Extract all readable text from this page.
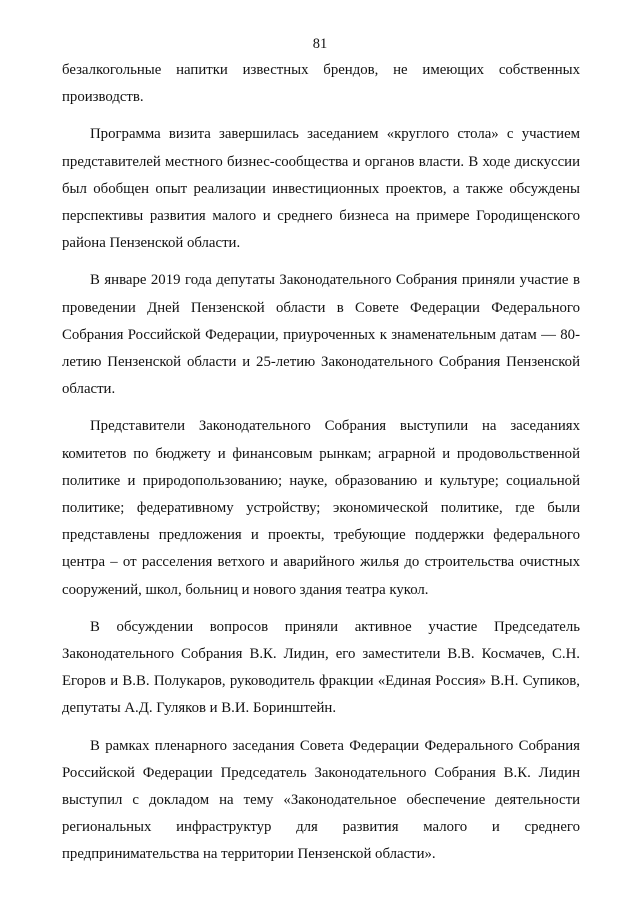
81

безалкогольные напитки известных брендов, не имеющих собственных производств.

Программа визита завершилась заседанием «круглого стола» с участием представителей местного бизнес-сообщества и органов власти. В ходе дискуссии был обобщен опыт реализации инвестиционных проектов, а также обсуждены перспективы развития малого и среднего бизнеса на примере Городищенского района Пензенской области.

В январе 2019 года депутаты Законодательного Собрания приняли участие в проведении Дней Пензенской области в Совете Федерации Федерального Собрания Российской Федерации, приуроченных к знаменательным датам — 80-летию Пензенской области и 25-летию Законодательного Собрания Пензенской области.

Представители Законодательного Собрания выступили на заседаниях комитетов по бюджету и финансовым рынкам; аграрной и продовольственной политике и природопользованию; науке, образованию и культуре; социальной политике; федеративному устройству; экономической политике, где были представлены предложения и проекты, требующие поддержки федерального центра – от расселения ветхого и аварийного жилья до строительства очистных сооружений, школ, больниц и нового здания театра кукол.

В обсуждении вопросов приняли активное участие Председатель Законодательного Собрания В.К. Лидин, его заместители В.В. Космачев, С.Н. Егоров и В.В. Полукаров, руководитель фракции «Единая Россия» В.Н. Супиков, депутаты А.Д. Гуляков и В.И. Боринштейн.

В рамках пленарного заседания Совета Федерации Федерального Собрания Российской Федерации Председатель Законодательного Собрания В.К. Лидин выступил с докладом на тему «Законодательное обеспечение деятельности региональных инфраструктур для развития малого и среднего предпринимательства на территории Пензенской области».
